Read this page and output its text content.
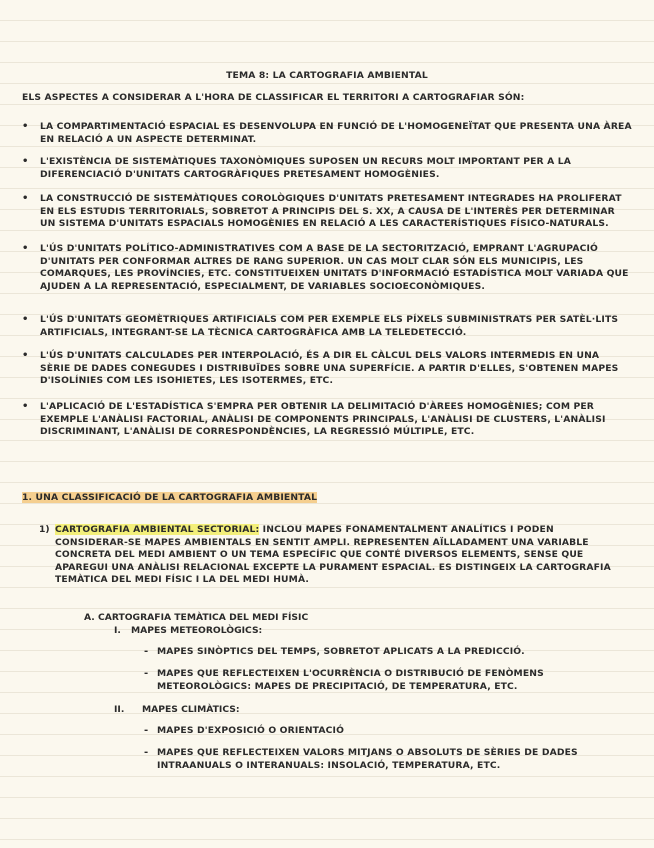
TEMA 8: LA CARTOGRAFIA AMBIENTAL

ELS ASPECTES A CONSIDERAR A L'HORA DE CLASSIFICAR EL TERRITORI A CARTOGRAFIAR SÓN:

• LA COMPARTIMENTACIÓ ESPACIAL ES DESENVOLUPA EN FUNCIÓ DE L'HOMOGENEÏTAT QUE PRESENTA UNA ÀREA EN RELACIÓ A UN ASPECTE DETERMINAT.

• L'EXISTÈNCIA DE SISTEMÀTIQUES TAXONÒMIQUES SUPOSEN UN RECURS MOLT IMPORTANT PER A LA DIFERENCIACIÓ D'UNITATS CARTOGRÀFIQUES PRETESAMENT HOMOGÈNIES.

• LA CONSTRUCCIÓ DE SISTEMÀTIQUES COROLÒGIQUES D'UNITATS PRETESAMENT INTEGRADES HA PROLIFERAT EN ELS ESTUDIS TERRITORIALS, SOBRETOT A PRINCIPIS DEL S. XX, A CAUSA DE L'INTERÈS PER DETERMINAR UN SISTEMA D'UNITATS ESPACIALS HOMOGÈNIES EN RELACIÓ A LES CARACTERÍSTIQUES FÍSICO-NATURALS.

• L'ÚS D'UNITATS POLÍTICO-ADMINISTRATIVES COM A BASE DE LA SECTORITZACIÓ, EMPRANT L'AGRUPACIÓ D'UNITATS PER CONFORMAR ALTRES DE RANG SUPERIOR. UN CAS MOLT CLAR SÓN ELS MUNICIPIS, LES COMARQUES, LES PROVÍNCIES, ETC. CONSTITUEIXEN UNITATS D'INFORMACIÓ ESTADÍSTICA MOLT VARIADA QUE AJUDEN A LA REPRESENTACIÓ, ESPECIALMENT, DE VARIABLES SOCIOECONÒMIQUES.

• L'ÚS D'UNITATS GEOMÈTRIQUES ARTIFICIALS COM PER EXEMPLE ELS PÍXELS SUBMINISTRATS PER SATÈL·LITS ARTIFICIALS, INTEGRANT-SE LA TÈCNICA CARTOGRÀFICA AMB LA TELEDETECCIÓ.

• L'ÚS D'UNITATS CALCULADES PER INTERPOLACIÓ, ÉS A DIR EL CÀLCUL DELS VALORS INTERMEDIS EN UNA SÈRIE DE DADES CONEGUDES I DISTRIBUÏDES SOBRE UNA SUPERFÍCIE. A PARTIR D'ELLES, S'OBTENEN MAPES D'ISOLÍNIES COM LES ISOHIETES, LES ISOTERMES, ETC.

• L'APLICACIÓ DE L'ESTADÍSTICA S'EMPRA PER OBTENIR LA DELIMITACIÓ D'ÀREES HOMOGÈNIES; COM PER EXEMPLE L'ANÀLISI FACTORIAL, ANÀLISI DE COMPONENTS PRINCIPALS, L'ANÀLISI DE CLUSTERS, L'ANÀLISI DISCRIMINANT, L'ANÀLISI DE CORRESPONDÈNCIES, LA REGRESSIÓ MÚLTIPLE, ETC.

1. UNA CLASSIFICACIÓ DE LA CARTOGRAFIA AMBIENTAL

1) CARTOGRAFIA AMBIENTAL SECTORIAL: INCLOU MAPES FONAMENTALMENT ANALÍTICS I PODEN CONSIDERAR-SE MAPES AMBIENTALS EN SENTIT AMPLI. REPRESENTEN AÏLLADAMENT UNA VARIABLE CONCRETA DEL MEDI AMBIENT O UN TEMA ESPECÍFIC QUE CONTÉ DIVERSOS ELEMENTS, SENSE QUE APAREGUI UNA ANÀLISI RELACIONAL EXCEPTE LA PURAMENT ESPACIAL. ES DISTINGEIX LA CARTOGRAFIA TEMÀTICA DEL MEDI FÍSIC I LA DEL MEDI HUMÀ.

A. CARTOGRAFIA TEMÀTICA DEL MEDI FÍSIC

I. MAPES METEOROLÒGICS:
- MAPES SINÒPTICS DEL TEMPS, SOBRETOT APLICATS A LA PREDICCIÓ.

- MAPES QUE REFLECTEIXEN L'OCURRÈNCIA O DISTRIBUCIÓ DE FENÒMENS METEOROLÒGICS: MAPES DE PRECIPITACIÓ, DE TEMPERATURA, ETC.

II. MAPES CLIMÀTICS:
- MAPES D'EXPOSICIÓ O ORIENTACIÓ

- MAPES QUE REFLECTEIXEN VALORS MITJANS O ABSOLUTS DE SÈRIES DE DADES INTRAANUALS O INTERANUALS: INSOLACIÓ, TEMPERATURA, ETC.
